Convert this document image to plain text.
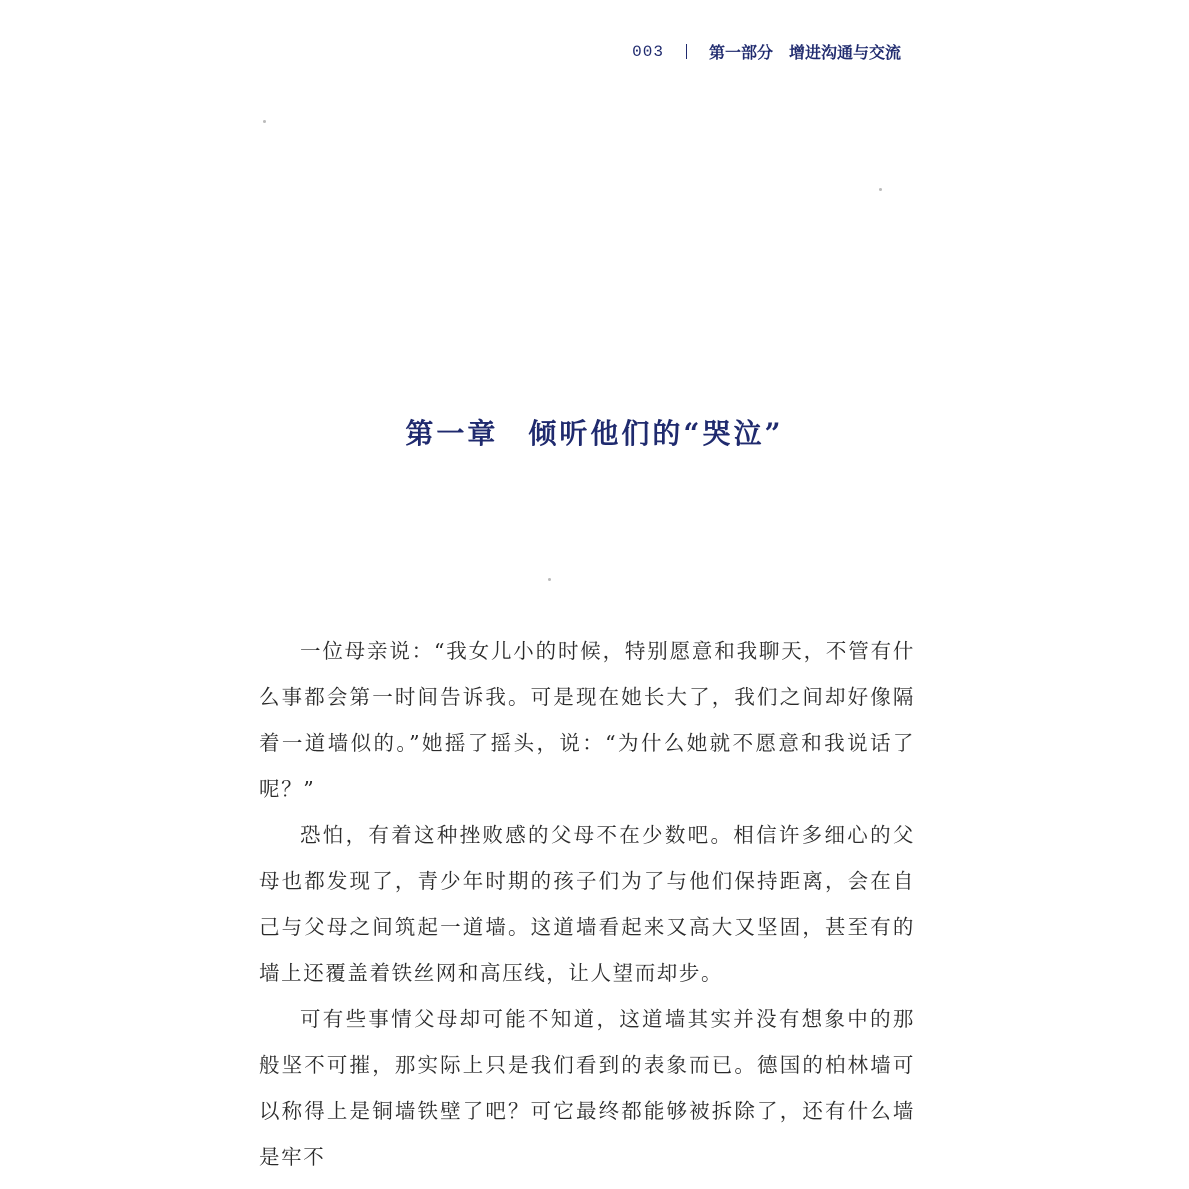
003	第一部分 增进沟通与交流
第一章 倾听他们的“哭泣”

一位母亲说：“我女儿小的时候，特别愿意和我聊天，不管有什么事都会第一时间告诉我。可是现在她长大了，我们之间却好像隔着一道墙似的。”她摇了摇头，说：“为什么她就不愿意和我说话了呢？”

恐怕，有着这种挫败感的父母不在少数吧。相信许多细心的父母也都发现了，青少年时期的孩子们为了与他们保持距离，会在自己与父母之间筑起一道墙。这道墙看起来又高大又坚固，甚至有的墙上还覆盖着铁丝网和高压线，让人望而却步。

可有些事情父母却可能不知道，这道墙其实并没有想象中的那般坚不可摧，那实际上只是我们看到的表象而已。德国的柏林墙可以称得上是铜墙铁壁了吧？可它最终都能够被拆除了，还有什么墙是牢不
